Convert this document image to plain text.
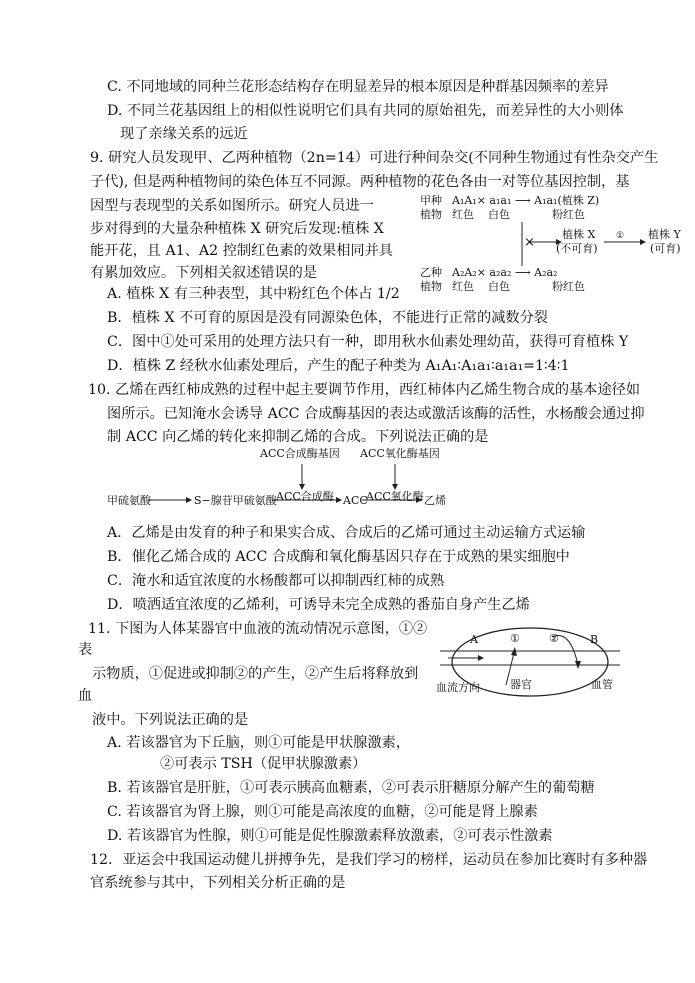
C. 不同地域的同种兰花形态结构存在明显差异的根本原因是种群基因频率的差异
D. 不同兰花基因组上的相似性说明它们具有共同的原始祖先，而差异性的大小则体
现了亲缘关系的远近
9. 研究人员发现甲、乙两种植物（2n=14）可进行种间杂交(不同种生物通过有性杂交产生
子代), 但是两种植物间的染色体互不同源。两种植物的花色各由一对等位基因控制，基
因型与表现型的关系如图所示。研究人员进一
步对得到的大量杂种植株 X 研究后发现:植株 X
能开花，且 A1、A2 控制红色素的效果相同并具
有累加效应。下列相关叙述错误的是
甲种
植物
A₁A₁× a₁a₁ ⟶ A₁a₁(植株 Z)
红色    白色            粉红色
×
植株 X
(不可育)
① 植株 Y
(可育)
乙种
植物
A₂A₂× a₂a₂ ⟶ A₂a₂
红色    白色            粉红色
A. 植株 X 有三种表型，其中粉红色个体占 1/2
B．植株 X 不可育的原因是没有同源染色体，不能进行正常的减数分裂
C．图中①处可采用的处理方法只有一种，即用秋水仙素处理幼苗，获得可育植株 Y
D．植株 Z 经秋水仙素处理后，产生的配子种类为 A₁A₁∶A₁a₁∶a₁a₁=1∶4∶1
10. 乙烯在西红柿成熟的过程中起主要调节作用，西红柿体内乙烯生物合成的基本途径如
图所示。已知淹水会诱导 ACC 合成酶基因的表达或激活该酶的活性，水杨酸会通过抑
制 ACC 向乙烯的转化来抑制乙烯的合成。下列说法正确的是
ACC合成酶基因 ACC氧化酶基因
ACC合成酶	ACC氧化酶
甲硫氨酸	S−腺苷甲硫氨酸	ACC	乙烯
A．乙烯是由发育的种子和果实合成、合成后的乙烯可通过主动运输方式运输
B．催化乙烯合成的 ACC 合成酶和氧化酶基因只存在于成熟的果实细胞中
C．淹水和适宜浓度的水杨酸都可以抑制西红柿的成熟
D．喷洒适宜浓度的乙烯利，可诱导未完全成熟的番茄自身产生乙烯
11. 下图为人体某器官中血液的流动情况示意图，①②
表
示物质，①促进或抑制②的产生，②产生后将释放到
血
液中。下列说法正确的是
A	①	②	B
血流方向	器官	血管
A. 若该器官为下丘脑，则①可能是甲状腺激素，
②可表示 TSH（促甲状腺激素）
B. 若该器官是肝脏，①可表示胰高血糖素，②可表示肝糖原分解产生的葡萄糖
C. 若该器官为肾上腺，则①可能是高浓度的血糖，②可能是肾上腺素
D. 若该器官为性腺，则①可能是促性腺激素释放激素，②可表示性激素
12．亚运会中我国运动健儿拼搏争先，是我们学习的榜样，运动员在参加比赛时有多种器
官系统参与其中，下列相关分析正确的是
